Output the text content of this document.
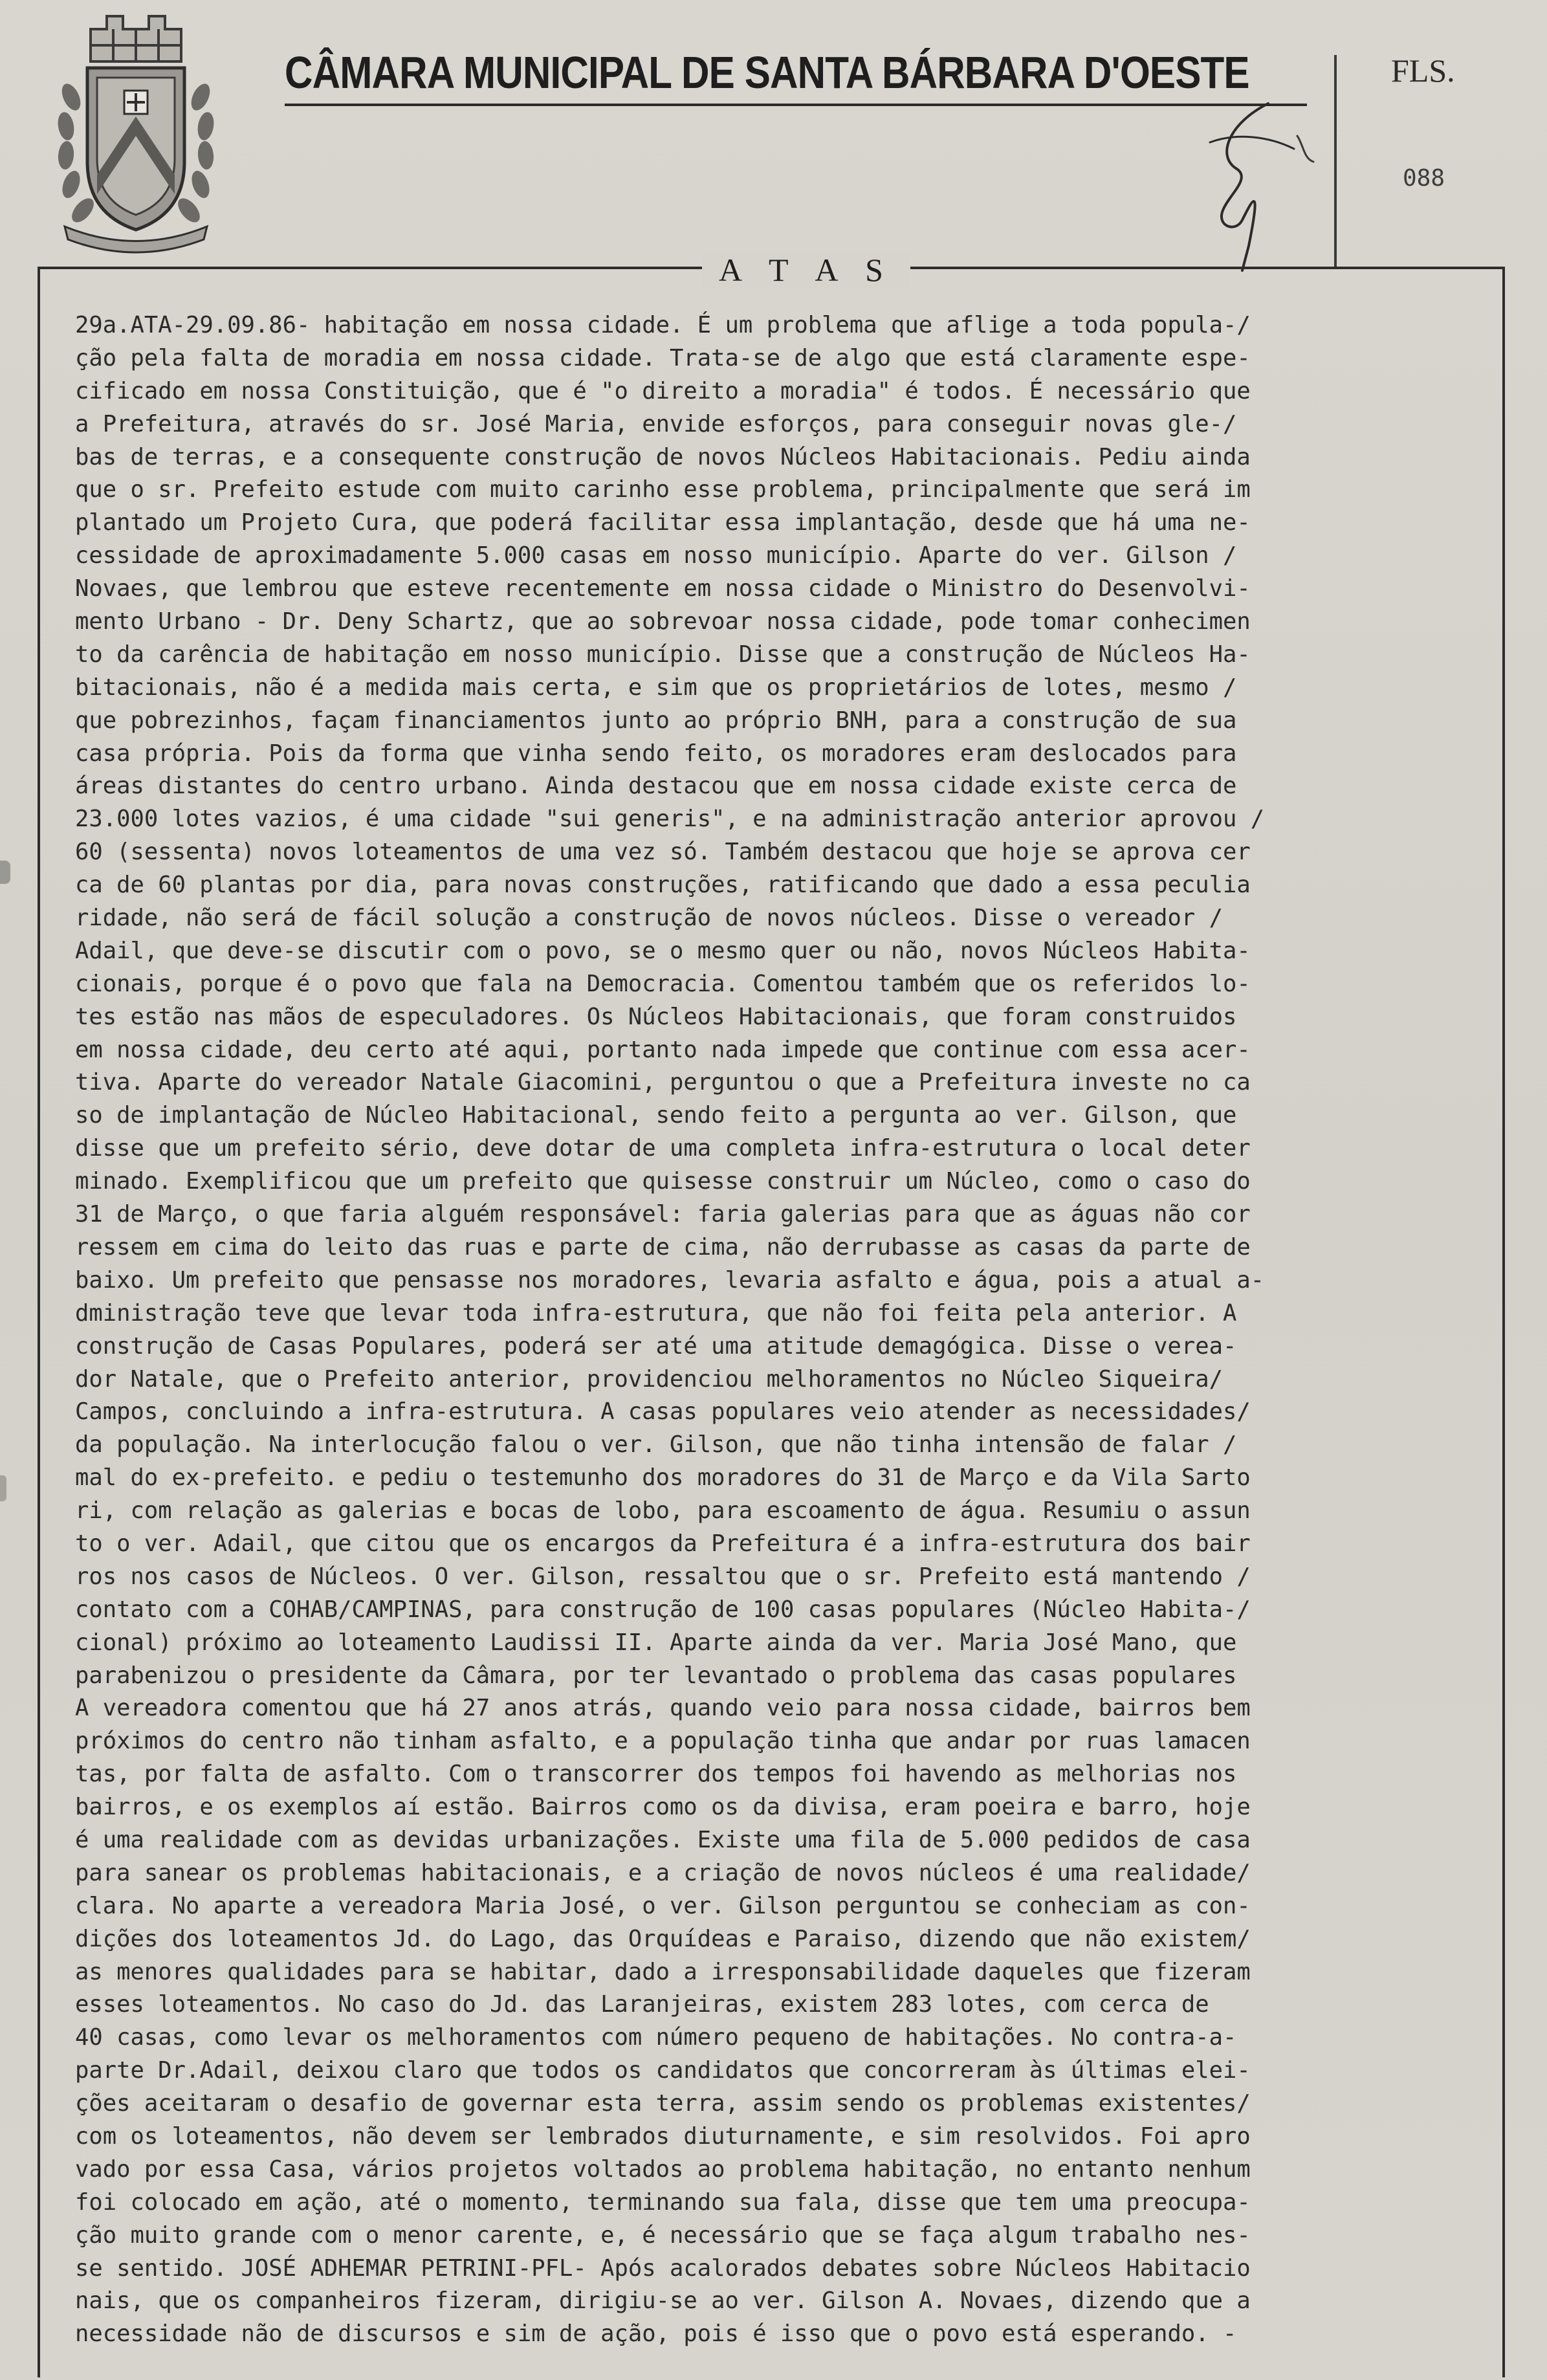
CÂMARA MUNICIPAL DE SANTA BÁRBARA D'OESTE	FLS.
088
A T A S
29a.ATA-29.09.86- habitação em nossa cidade. É um problema que aflige a toda popula-/
ção pela falta de moradia em nossa cidade. Trata-se de algo que está claramente espe-
cificado em nossa Constituição, que é "o direito a moradia" é todos. É necessário que
a Prefeitura, através do sr. José Maria, envide esforços, para conseguir novas gle-/
bas de terras, e a consequente construção de novos Núcleos Habitacionais. Pediu ainda
que o sr. Prefeito estude com muito carinho esse problema, principalmente que será im
plantado um Projeto Cura, que poderá facilitar essa implantação, desde que há uma ne-
cessidade de aproximadamente 5.000 casas em nosso município. Aparte do ver. Gilson /
Novaes, que lembrou que esteve recentemente em nossa cidade o Ministro do Desenvolvi-
mento Urbano - Dr. Deny Schartz, que ao sobrevoar nossa cidade, pode tomar conhecimen
to da carência de habitação em nosso município. Disse que a construção de Núcleos Ha-
bitacionais, não é a medida mais certa, e sim que os proprietários de lotes, mesmo /
que pobrezinhos, façam financiamentos junto ao próprio BNH, para a construção de sua
casa própria. Pois da forma que vinha sendo feito, os moradores eram deslocados para
áreas distantes do centro urbano. Ainda destacou que em nossa cidade existe cerca de
23.000 lotes vazios, é uma cidade "sui generis", e na administração anterior aprovou /
60 (sessenta) novos loteamentos de uma vez só. Também destacou que hoje se aprova cer
ca de 60 plantas por dia, para novas construções, ratificando que dado a essa peculia
ridade, não será de fácil solução a construção de novos núcleos. Disse o vereador /
Adail, que deve-se discutir com o povo, se o mesmo quer ou não, novos Núcleos Habita-
cionais, porque é o povo que fala na Democracia. Comentou também que os referidos lo-
tes estão nas mãos de especuladores. Os Núcleos Habitacionais, que foram construidos
em nossa cidade, deu certo até aqui, portanto nada impede que continue com essa acer-
tiva. Aparte do vereador Natale Giacomini, perguntou o que a Prefeitura investe no ca
so de implantação de Núcleo Habitacional, sendo feito a pergunta ao ver. Gilson, que
disse que um prefeito sério, deve dotar de uma completa infra-estrutura o local deter
minado. Exemplificou que um prefeito que quisesse construir um Núcleo, como o caso do
31 de Março, o que faria alguém responsável: faria galerias para que as águas não cor
ressem em cima do leito das ruas e parte de cima, não derrubasse as casas da parte de
baixo. Um prefeito que pensasse nos moradores, levaria asfalto e água, pois a atual a-
dministração teve que levar toda infra-estrutura, que não foi feita pela anterior. A
construção de Casas Populares, poderá ser até uma atitude demagógica. Disse o verea-
dor Natale, que o Prefeito anterior, providenciou melhoramentos no Núcleo Siqueira/
Campos, concluindo a infra-estrutura. A casas populares veio atender as necessidades/
da população. Na interlocução falou o ver. Gilson, que não tinha intensão de falar /
mal do ex-prefeito. e pediu o testemunho dos moradores do 31 de Março e da Vila Sarto
ri, com relação as galerias e bocas de lobo, para escoamento de água. Resumiu o assun
to o ver. Adail, que citou que os encargos da Prefeitura é a infra-estrutura dos bair
ros nos casos de Núcleos. O ver. Gilson, ressaltou que o sr. Prefeito está mantendo /
contato com a COHAB/CAMPINAS, para construção de 100 casas populares (Núcleo Habita-/
cional) próximo ao loteamento Laudissi II. Aparte ainda da ver. Maria José Mano, que
parabenizou o presidente da Câmara, por ter levantado o problema das casas populares
A vereadora comentou que há 27 anos atrás, quando veio para nossa cidade, bairros bem
próximos do centro não tinham asfalto, e a população tinha que andar por ruas lamacen
tas, por falta de asfalto. Com o transcorrer dos tempos foi havendo as melhorias nos
bairros, e os exemplos aí estão. Bairros como os da divisa, eram poeira e barro, hoje
é uma realidade com as devidas urbanizações. Existe uma fila de 5.000 pedidos de casa
para sanear os problemas habitacionais, e a criação de novos núcleos é uma realidade/
clara. No aparte a vereadora Maria José, o ver. Gilson perguntou se conheciam as con-
dições dos loteamentos Jd. do Lago, das Orquídeas e Paraiso, dizendo que não existem/
as menores qualidades para se habitar, dado a irresponsabilidade daqueles que fizeram
esses loteamentos. No caso do Jd. das Laranjeiras, existem 283 lotes, com cerca de
40 casas, como levar os melhoramentos com número pequeno de habitações. No contra-a-
parte Dr.Adail, deixou claro que todos os candidatos que concorreram às últimas elei-
ções aceitaram o desafio de governar esta terra, assim sendo os problemas existentes/
com os loteamentos, não devem ser lembrados diuturnamente, e sim resolvidos. Foi apro
vado por essa Casa, vários projetos voltados ao problema habitação, no entanto nenhum
foi colocado em ação, até o momento, terminando sua fala, disse que tem uma preocupa-
ção muito grande com o menor carente, e, é necessário que se faça algum trabalho nes-
se sentido. JOSÉ ADHEMAR PETRINI-PFL- Após acalorados debates sobre Núcleos Habitacio
nais, que os companheiros fizeram, dirigiu-se ao ver. Gilson A. Novaes, dizendo que a
necessidade não de discursos e sim de ação, pois é isso que o povo está esperando. -
